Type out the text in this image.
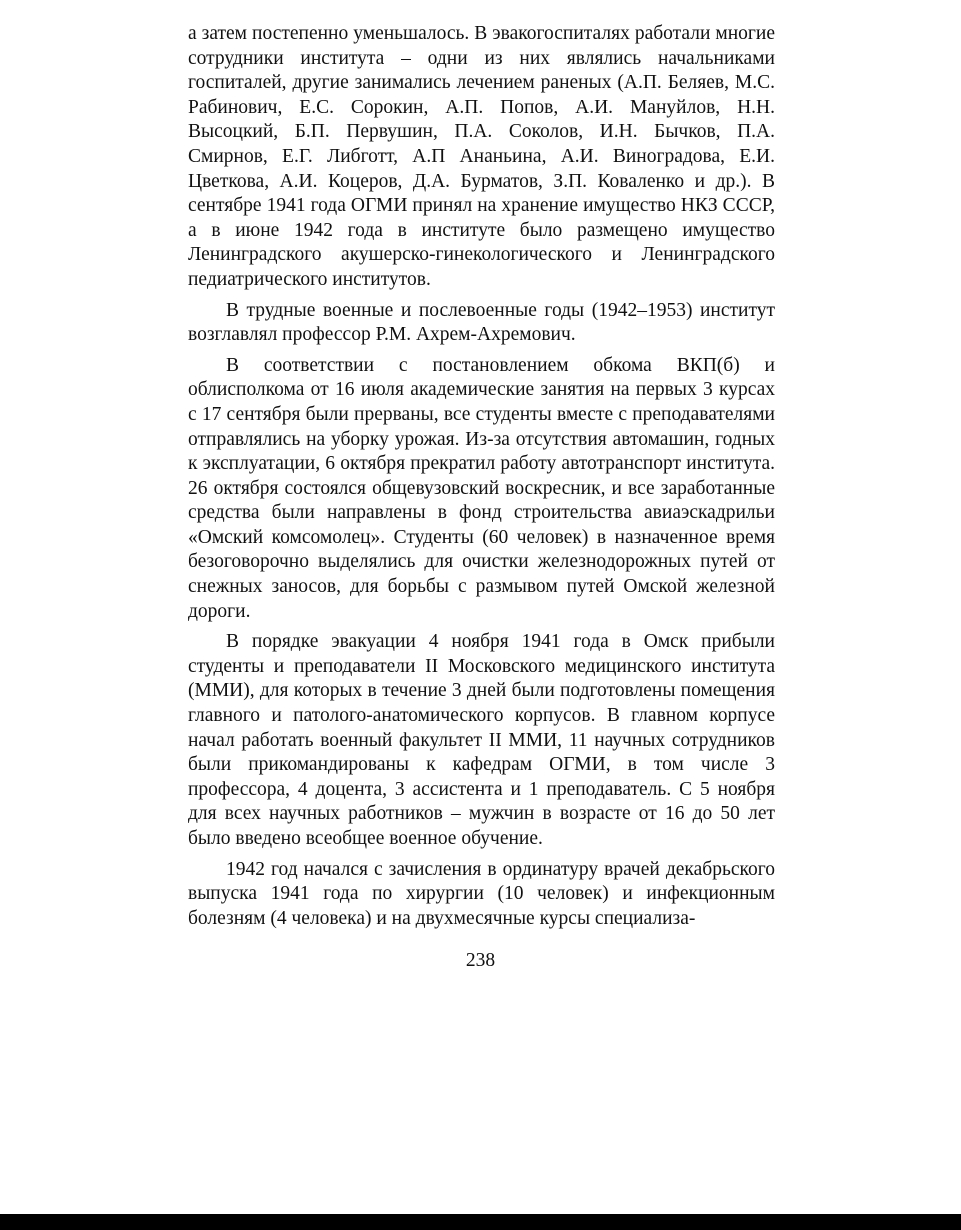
а затем постепенно уменьшалось. В эвакогоспиталях работали многие сотрудники института – одни из них являлись начальниками госпиталей, другие занимались лечением раненых (А.П. Беляев, М.С. Рабинович, Е.С. Сорокин, А.П. Попов, А.И. Мануйлов, Н.Н. Высоцкий, Б.П. Первушин, П.А. Соколов, И.Н. Бычков, П.А. Смирнов, Е.Г. Либготт, А.П Ананьина, А.И. Виноградова, Е.И. Цветкова, А.И. Коцеров, Д.А. Бурматов, З.П. Коваленко и др.). В сентябре 1941 года ОГМИ принял на хранение имущество НКЗ СССР, а в июне 1942 года в институте было размещено имущество Ленинградского акушерско-гинекологического и Ленинградского педиатрического институтов.

В трудные военные и послевоенные годы (1942–1953) институт возглавлял профессор Р.М. Ахрем-Ахремович.

В соответствии с постановлением обкома ВКП(б) и облисполкома от 16 июля академические занятия на первых 3 курсах с 17 сентября были прерваны, все студенты вместе с преподавателями отправлялись на уборку урожая. Из-за отсутствия автомашин, годных к эксплуатации, 6 октября прекратил работу автотранспорт института. 26 октября состоялся общевузовский воскресник, и все заработанные средства были направлены в фонд строительства авиаэскадрильи «Омский комсомолец». Студенты (60 человек) в назначенное время безоговорочно выделялись для очистки железнодорожных путей от снежных заносов, для борьбы с размывом путей Омской железной дороги.

В порядке эвакуации 4 ноября 1941 года в Омск прибыли студенты и преподаватели II Московского медицинского института (ММИ), для которых в течение 3 дней были подготовлены помещения главного и патолого-анатомического корпусов. В главном корпусе начал работать военный факультет II ММИ, 11 научных сотрудников были прикомандированы к кафедрам ОГМИ, в том числе 3 профессора, 4 доцента, 3 ассистента и 1 преподаватель. С 5 ноября для всех научных работников – мужчин в возрасте от 16 до 50 лет было введено всеобщее военное обучение.

1942 год начался с зачисления в ординатуру врачей декабрьского выпуска 1941 года по хирургии (10 человек) и инфекционным болезням (4 человека) и на двухмесячные курсы специализа-

238
